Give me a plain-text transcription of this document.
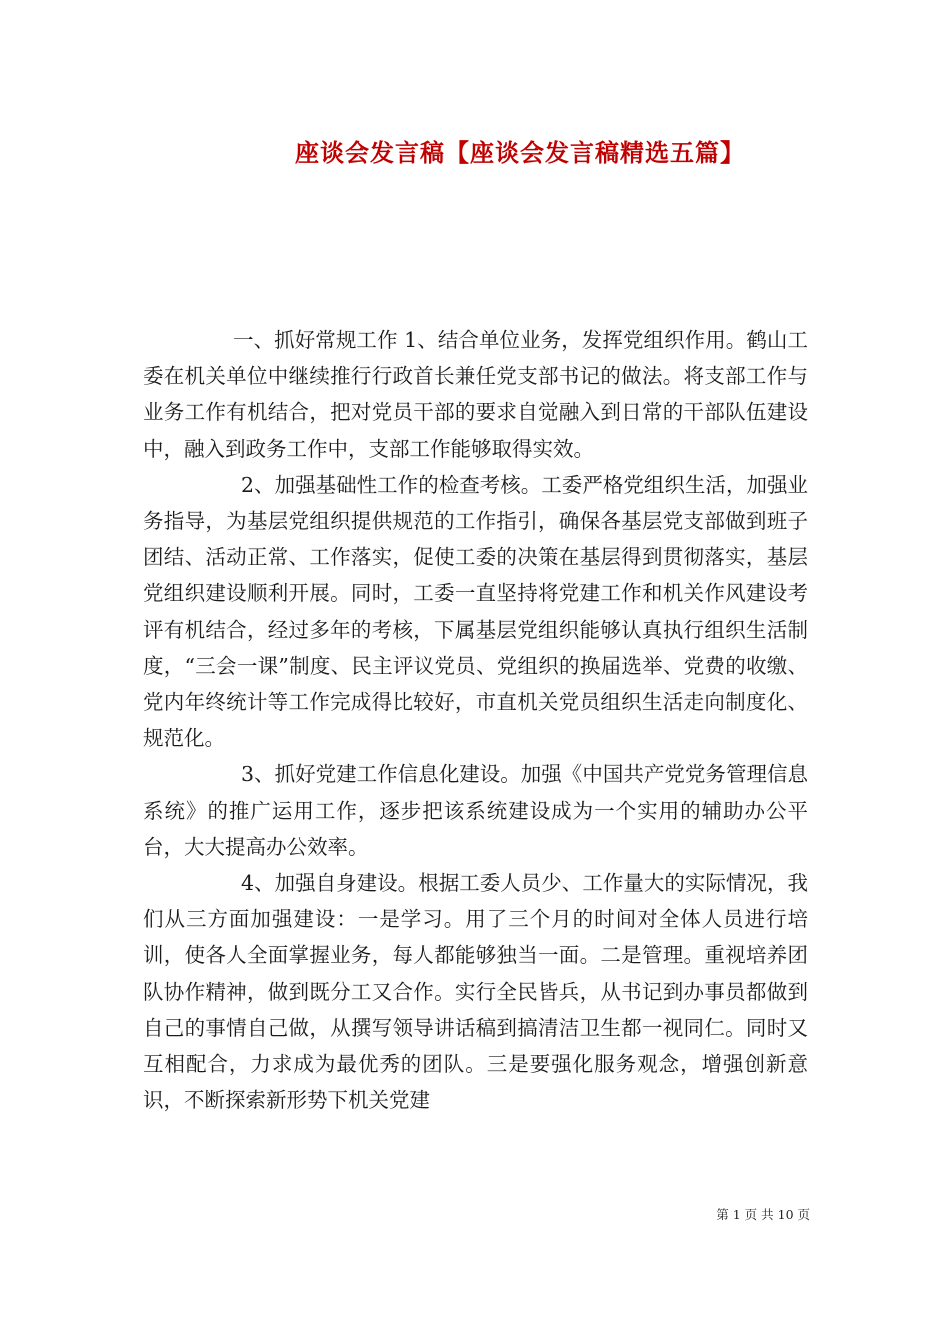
座谈会发言稿【座谈会发言稿精选五篇】

一、抓好常规工作 1、结合单位业务，发挥党组织作用。鹤山工委在机关单位中继续推行行政首长兼任党支部书记的做法。将支部工作与业务工作有机结合，把对党员干部的要求自觉融入到日常的干部队伍建设中，融入到政务工作中，支部工作能够取得实效。

2、加强基础性工作的检查考核。工委严格党组织生活，加强业务指导，为基层党组织提供规范的工作指引，确保各基层党支部做到班子团结、活动正常、工作落实，促使工委的决策在基层得到贯彻落实，基层党组织建设顺利开展。同时，工委一直坚持将党建工作和机关作风建设考评有机结合，经过多年的考核，下属基层党组织能够认真执行组织生活制度，“三会一课”制度、民主评议党员、党组织的换届选举、党费的收缴、党内年终统计等工作完成得比较好，市直机关党员组织生活走向制度化、规范化。

3、抓好党建工作信息化建设。加强《中国共产党党务管理信息系统》的推广运用工作，逐步把该系统建设成为一个实用的辅助办公平台，大大提高办公效率。

4、加强自身建设。根据工委人员少、工作量大的实际情况，我们从三方面加强建设：一是学习。用了三个月的时间对全体人员进行培训，使各人全面掌握业务，每人都能够独当一面。二是管理。重视培养团队协作精神，做到既分工又合作。实行全民皆兵，从书记到办事员都做到自己的事情自己做，从撰写领导讲话稿到搞清洁卫生都一视同仁。同时又互相配合，力求成为最优秀的团队。三是要强化服务观念，增强创新意识，不断探索新形势下机关党建

第 1 页 共 10 页
